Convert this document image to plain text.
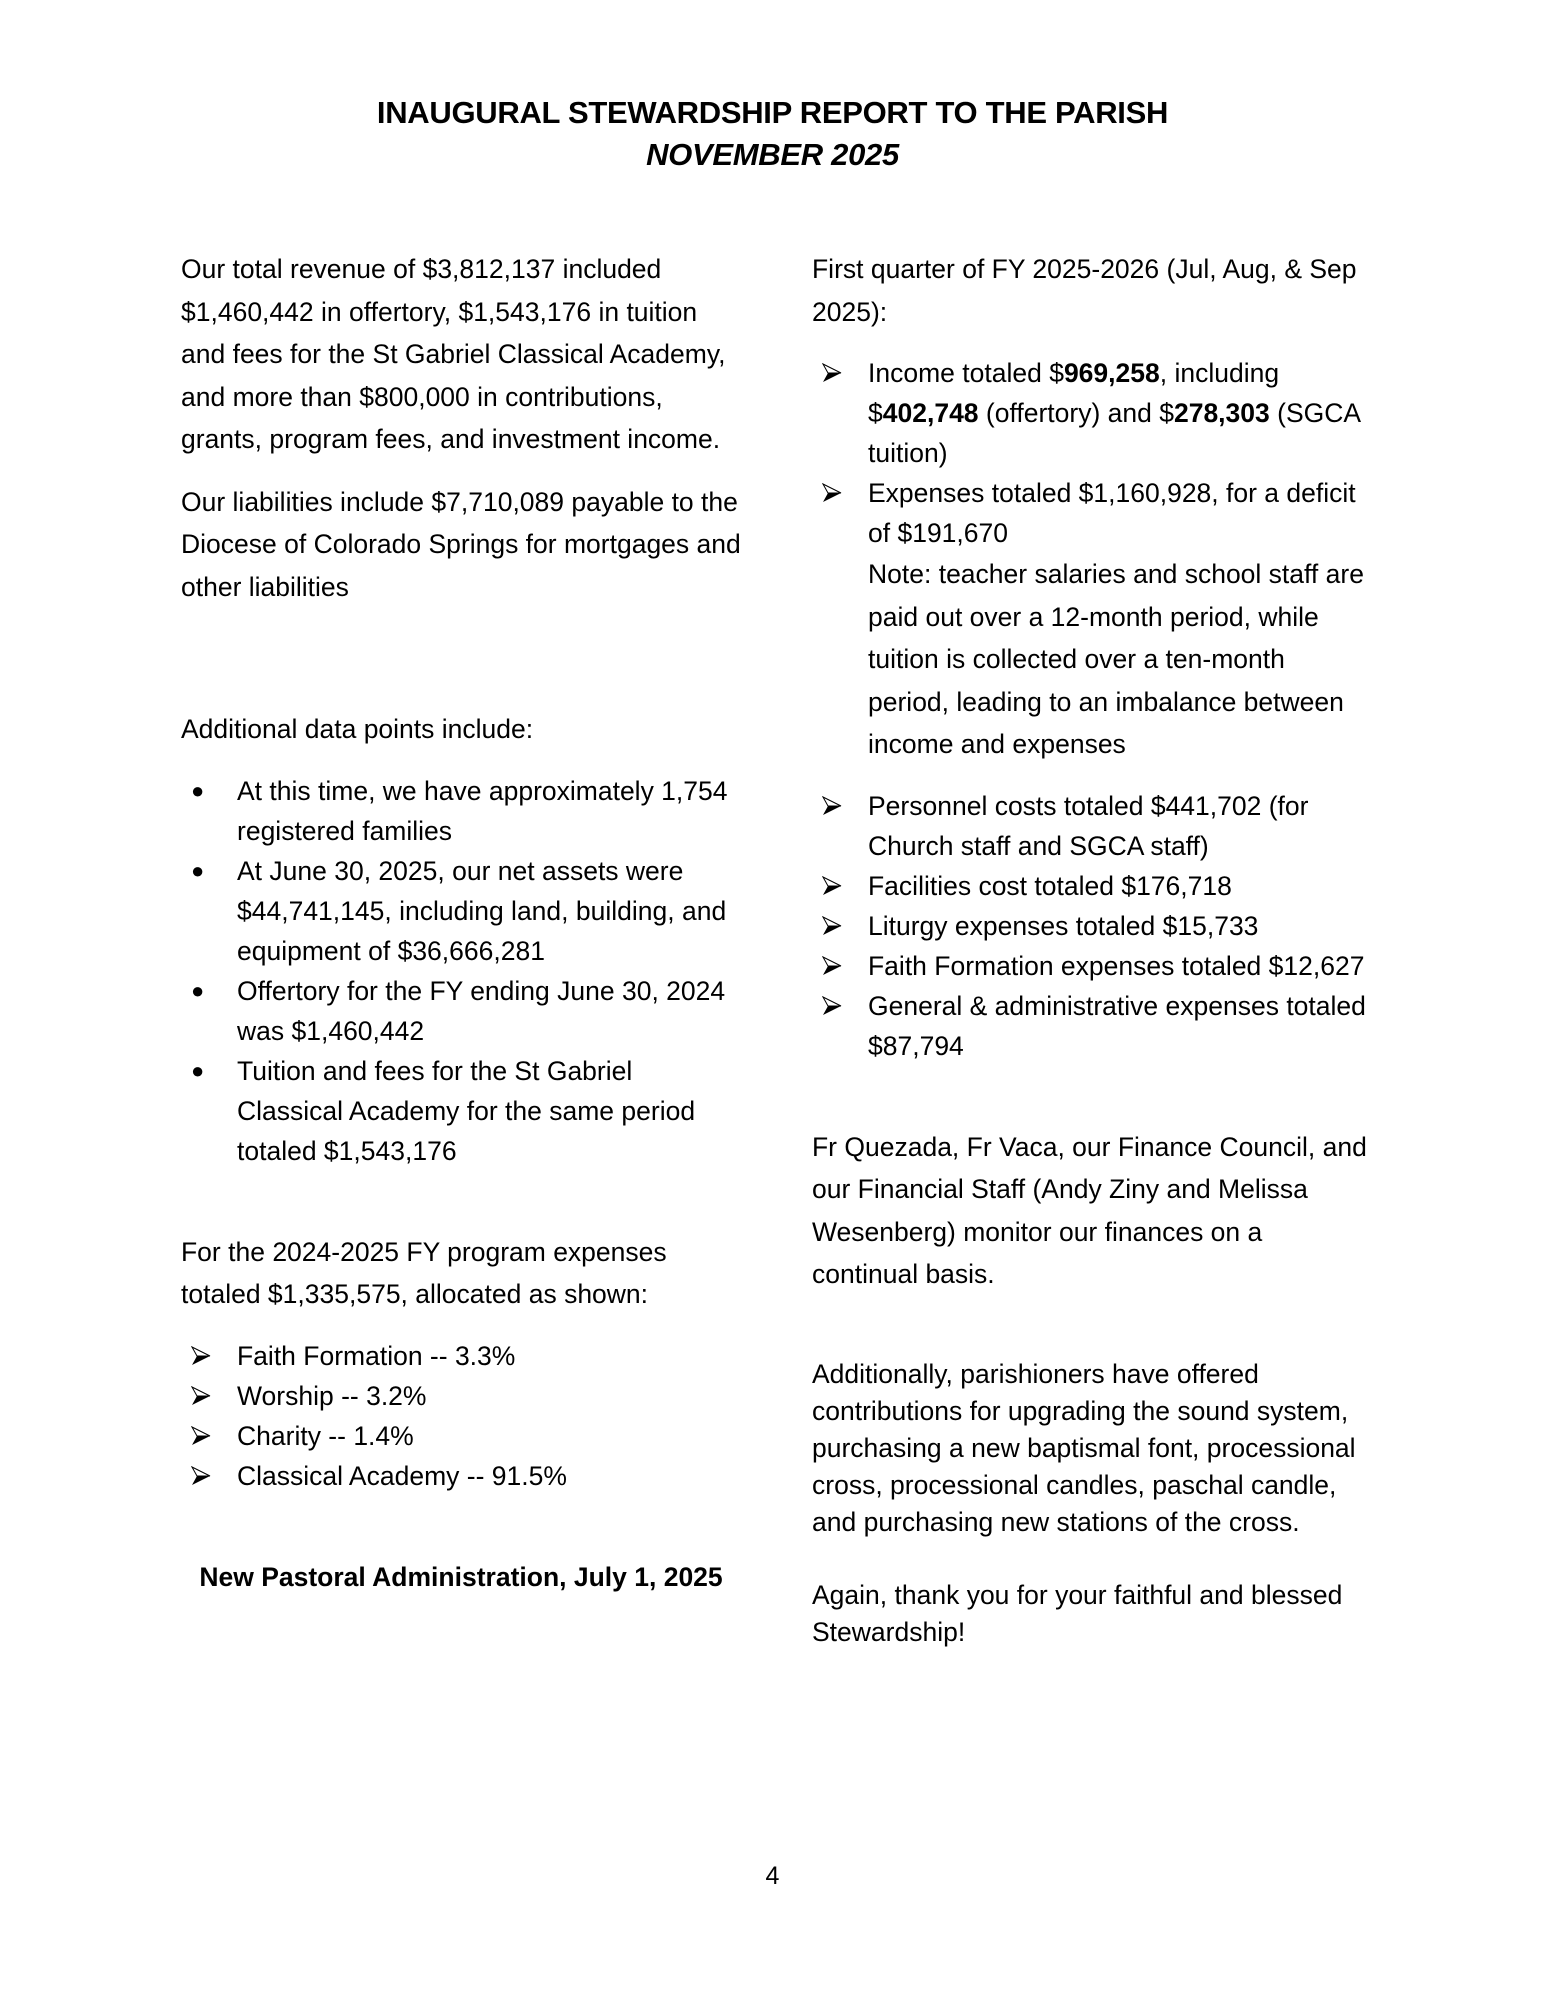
INAUGURAL STEWARDSHIP REPORT TO THE PARISH
NOVEMBER 2025

Our total revenue of $3,812,137 included $1,460,442 in offertory, $1,543,176 in tuition and fees for the St Gabriel Classical Academy, and more than $800,000 in contributions, grants, program fees, and investment income.

Our liabilities include $7,710,089 payable to the Diocese of Colorado Springs for mortgages and other liabilities

Additional data points include:

●	At this time, we have approximately 1,754 registered families
●	At June 30, 2025, our net assets were $44,741,145, including land, building, and equipment of $36,666,281
●	Offertory for the FY ending June 30, 2024 was $1,460,442
●	Tuition and fees for the St Gabriel Classical Academy for the same period totaled $1,543,176

For the 2024-2025 FY program expenses totaled $1,335,575, allocated as shown:

Faith Formation -- 3.3%
Worship -- 3.2%
Charity -- 1.4%
Classical Academy -- 91.5%

New Pastoral Administration, July 1, 2025

First quarter of FY 2025-2026 (Jul, Aug, & Sep 2025):

Income totaled $969,258, including $402,748 (offertory) and $278,303 (SGCA tuition)
Expenses totaled $1,160,928, for a deficit of $191,670
Note: teacher salaries and school staff are paid out over a 12-month period, while tuition is collected over a ten-month period, leading to an imbalance between income and expenses
Personnel costs totaled $441,702 (for Church staff and SGCA staff)
Facilities cost totaled $176,718
Liturgy expenses totaled $15,733
Faith Formation expenses totaled $12,627
General & administrative expenses totaled $87,794

Fr Quezada, Fr Vaca, our Finance Council, and our Financial Staff (Andy Ziny and Melissa Wesenberg) monitor our finances on a continual basis.

Additionally, parishioners have offered contributions for upgrading the sound system, purchasing a new baptismal font, processional cross, processional candles, paschal candle, and purchasing new stations of the cross.

Again, thank you for your faithful and blessed Stewardship!

4
